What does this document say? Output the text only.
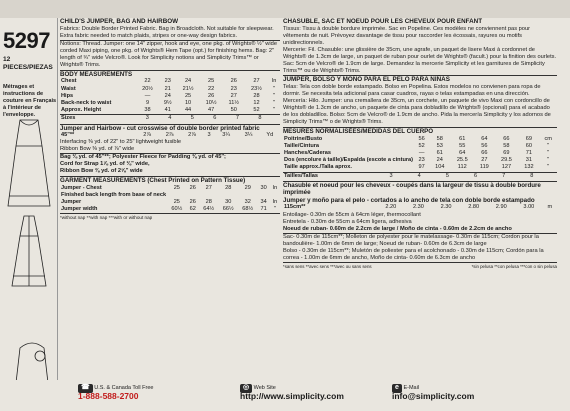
5297
12 PIECES/PIEZAS
Métrages et instructions de couture en Français à l'intérieur de l'enveloppe.
CHILD'S JUMPER, BAG AND HAIRBOW
Fabrics: Double Border Printed Fabric. Bag in Broadcloth. Not suitable for sleepwear. Extra fabric needed to match plaids, stripes or one-way design fabrics.
Notions: Thread. Jumper: one 14" zipper, hook and eye, one pkg. of Wrights® ½" wide corded Maxi piping, one pkg. of Wrights® Hem Tape (opt.) for finishing hems. Bag: 2" length of ¾" wide Velcro®. Look for Simplicity notions and Simplicity Trims™ or Wrights® Trims.
BODY MEASUREMENTS
Chest	22	23	24	25	26	27	In
Waist	20½	21	21½	22	23	23½	"
Hips	—	24	25	26	27	28	"
Back-neck to waist	9	9½	10	10½	11½	12	"
Approx. Height	38	41	44	47	50	52	"
Sizes	3	4	5	6	7	8	
Jumper and Hairbow - cut crosswise of double border printed fabric
45"**	2⅞	2⅞	2⅞	3	3¼	3¼	Yd
Interfacing ⅜ yd. of 22" to 25" lightweight fusible
Ribbon Bow ⅜ yd. of ⅞" wide
Bag ⅜ yd. of 45"**; Polyester Fleece for Padding ⅜ yd. of 45";
Cord for Strap 1⅞ yd. of ⅜" wide,
Ribbon Bow ⅜ yd. of 2⅝" wide
GARMENT MEASUREMENTS (Chest Printed on Pattern Tissue)
Jumper - Chest	25	26	27	28	29	30	In
Finished back length from base of neck							
Jumper	25	26	28	30	32	34	In
Jumper width	60½	62	64½	66½	68½	71	"
*without nap **with nap ***with or without nap
CHASUBLE, SAC ET NOEUD POUR LES CHEVEUX POUR ENFANT
Tissus: Tissu à double bordure imprimée. Sac en Popeline. Ces modèles ne conviennent pas pour vêtements de nuit. Prévoyez davantage de tissu pour raccorder les écossais, rayures ou motifs unidirectionnels.
Mercerie: Fil. Chasuble: une glissière de 35cm, une agrafe, un paquet de lisere Maxi à cordonnet de Wrights® de 1.3cm de large, un paquet de ruban pour ourlet de Wrights® (facult.) pour la finition des ourlets. Sac: 5cm de Velcro® de 1.9cm de large. Demandez la mercerie Simplicity et les garnitures de Simplicity Trims™ ou de Wrights® Trims.
JUMPER, BOLSO Y MOÑO PARA EL PELO PARA NIÑAS
Telas: Tela con doble borde estampado. Bolso en Popelina. Estos modelos no convienen para ropa de dormir. Se necesita tela adicional para casar cuadros, rayas o telas estampadas en una dirección.
Mercería: Hilo. Jumper: una cremallera de 35cm, un corchete, un paquete de vivo Maxi con cordoncillo de Wrights® de 1.3cm de ancho, un paquete de cinta para dobladillo de Wrights® (opcional) para el acabado de los dobladillos. Bolso: 5cm de Velcro® de 1.9cm de ancho. Pida la mercería Simplicity y los adornos de Simplicity Trims™ o de Wrights® Trims.
MESURES NORMALISÉES/MEDIDAS DEL CUERPO
Poitrine/Busto	56	58	61	64	66	69	cm
Taille/Cintura	52	53	55	56	58	60	"
Hanches/Caderas	—	61	64	66	69	71	"
Dos (encolure à taille)/Espalda (escote a cintura)	23	24	25.5	27	29.5	31	"
Taille approx./Talla aprox.	97	104	112	119	127	132	"
Tailles/Tallas	3	4	5	6	7	8	
Chasuble et noeud pour les cheveux - coupés dans la largeur de tissu à double bordure imprimée
Jumper y moño para el pelo - cortados a lo ancho de tela con doble borde estampado
115cm**	2.20	2.30	2.30	2.80	2.90	3.00	m
Entoilage- 0.30m de 55cm à 64cm léger, thermocollant
Entretela - 0.30m de 55cm a 64cm ligera, adhesiva
Noeud de ruban- 0.60m de 2.2cm de large / Moño de cinta - 0.60m de 2.2cm de ancho
Sac- 0.30m de 115cm**; Molleton de polyester pour le matelassage- 0.30m de 115cm; Cordon pour la bandoulière- 1.00m de 6mm de large; Noeud de ruban- 0.60m de 6.3cm de large
Bolso - 0.30m de 115cm**; Muletón de poliester para el acolchonado - 0.30m de 115cm; Cordón para la correa - 1.00m de 6mm de ancho, Moño de cinta- 0.60m de 6.3cm de ancho
*sans sens **avec sens ***avec ou sans sens	*sin pelusa **con pelusa ***con o sin pelusa
☎ U.S. & Canada Toll Free
1-888-588-2700
◎ Web Site
http://www.simplicity.com
e E-Mail
info@simplicity.com
